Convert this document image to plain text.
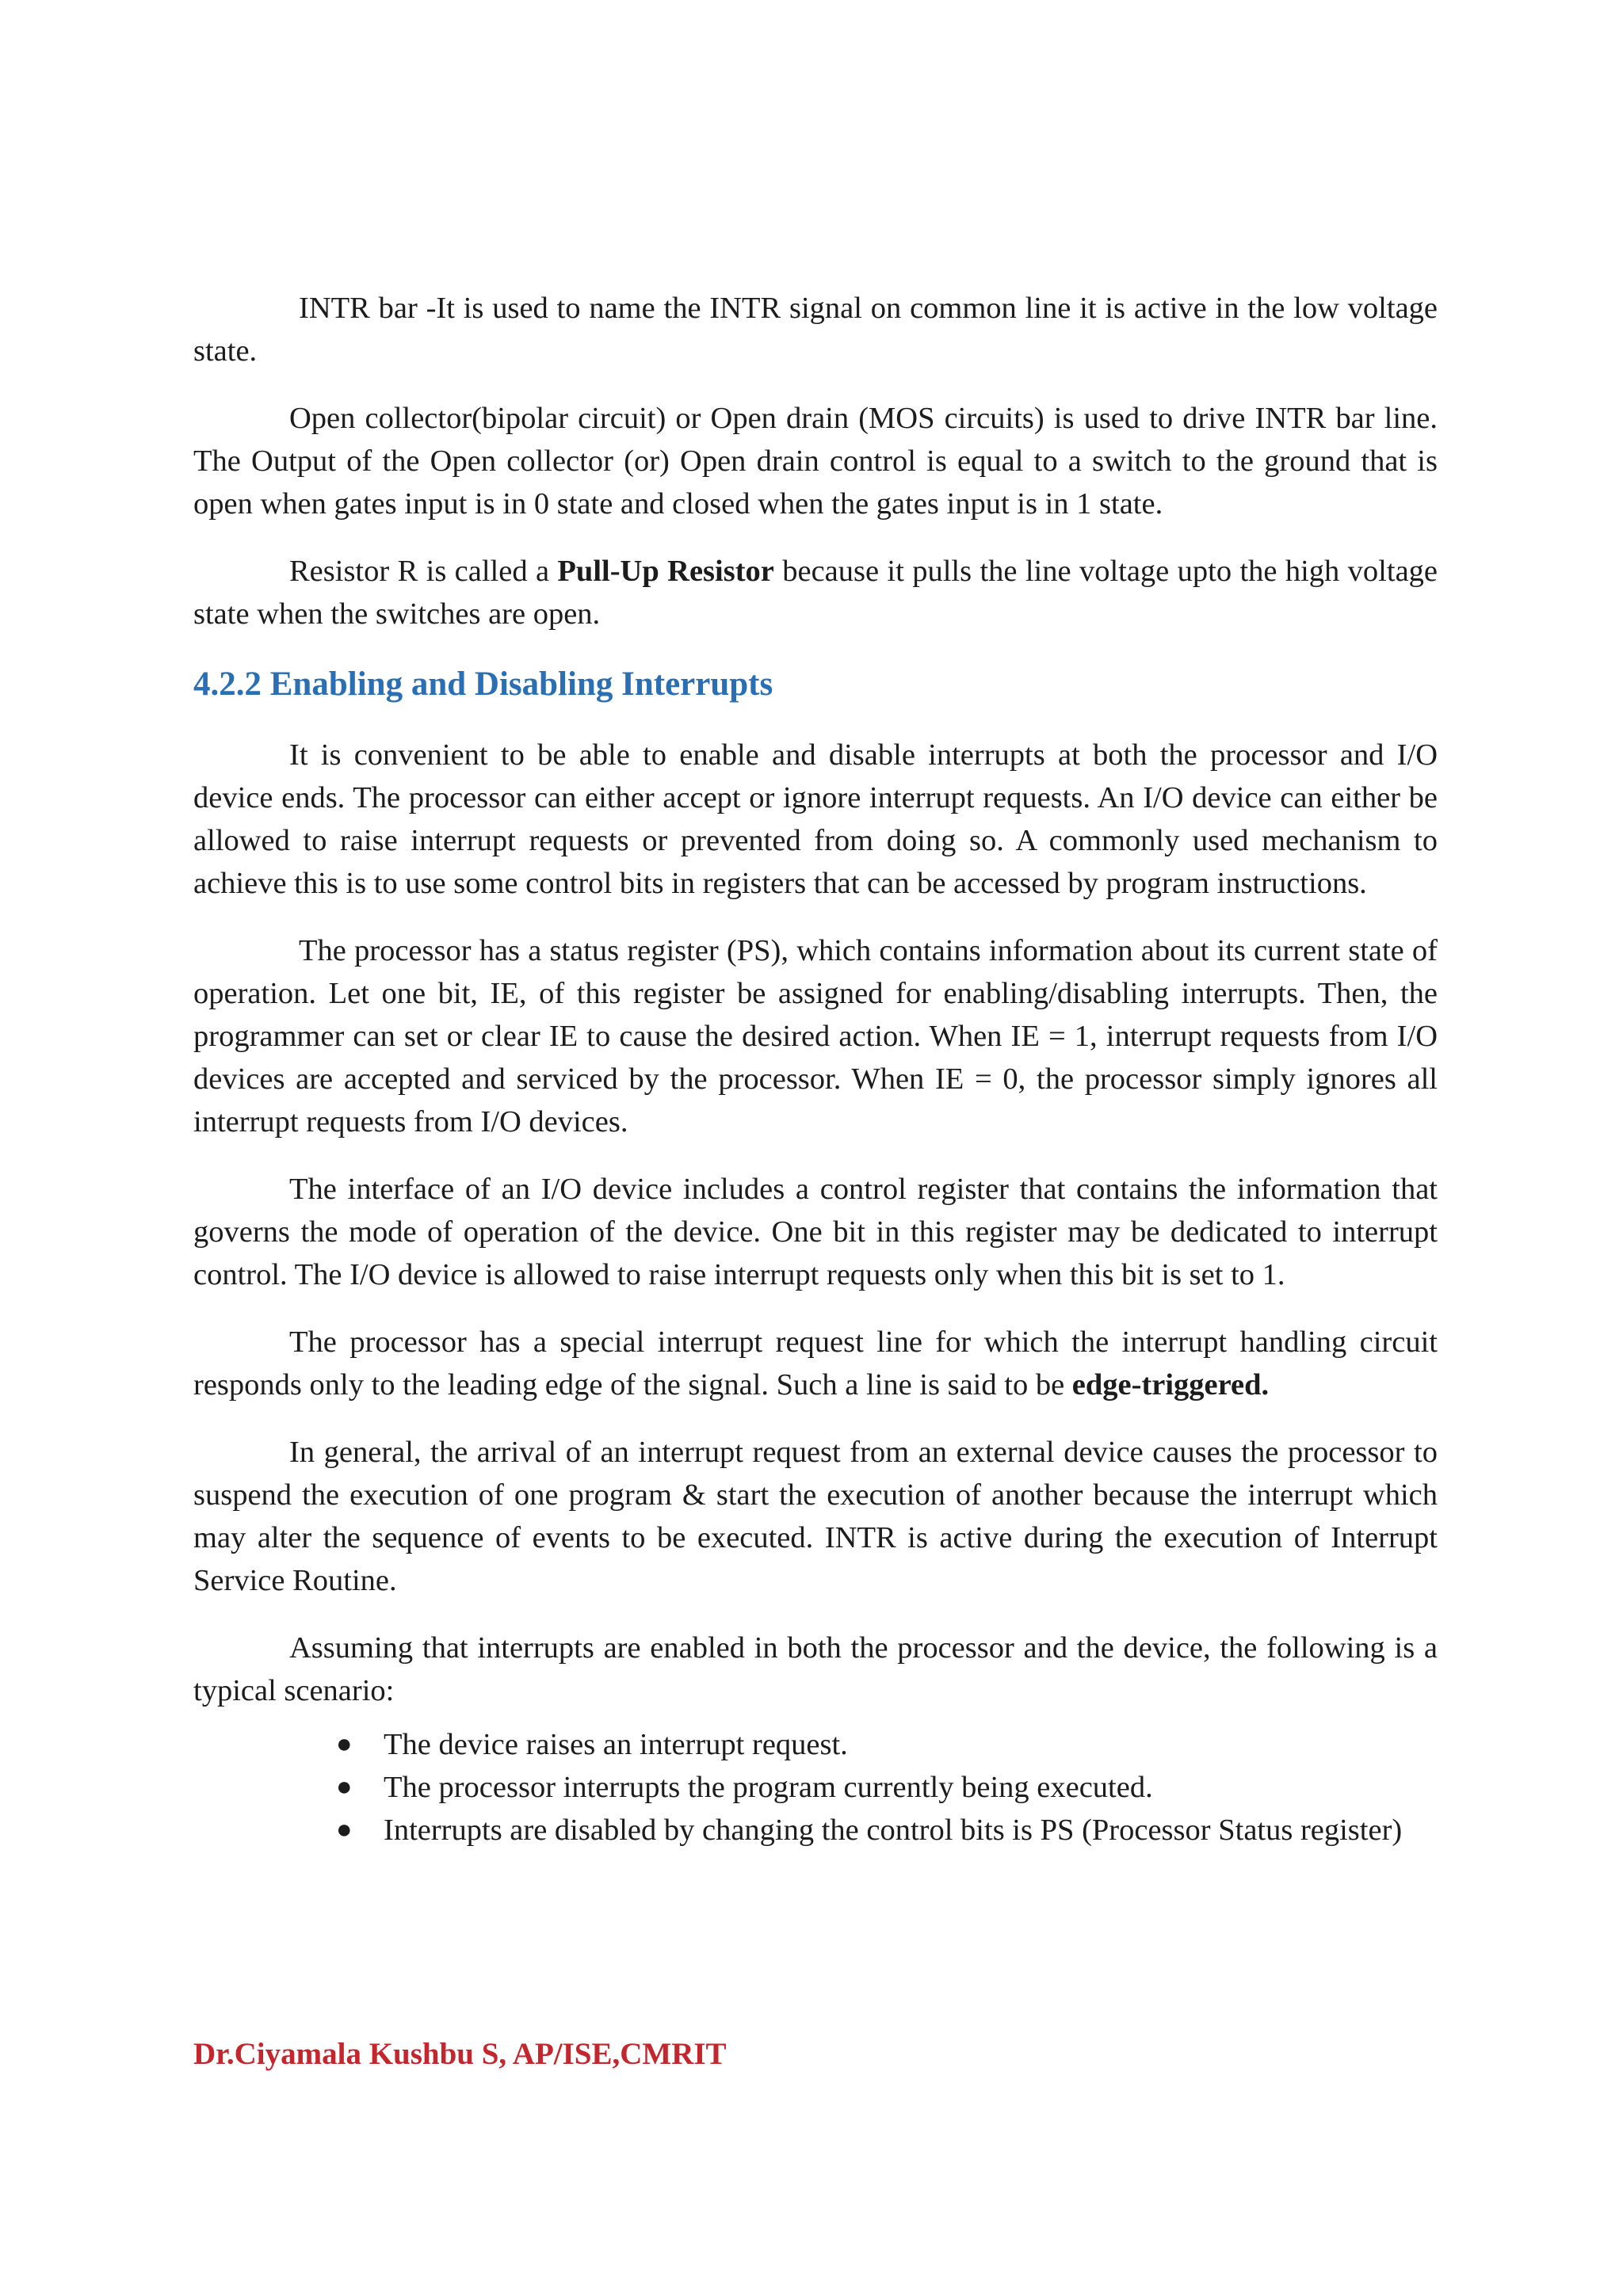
INTR bar -It is used to name the INTR signal on common line it is active in the low voltage state.

Open collector(bipolar circuit) or Open drain (MOS circuits) is used to drive INTR bar line. The Output of the Open collector (or) Open drain control is equal to a switch to the ground that is open when gates input is in 0 state and closed when the gates input is in 1 state.

Resistor R is called a Pull-Up Resistor because it pulls the line voltage upto the high voltage state when the switches are open.

4.2.2 Enabling and Disabling Interrupts

It is convenient to be able to enable and disable interrupts at both the processor and I/O device ends. The processor can either accept or ignore interrupt requests. An I/O device can either be allowed to raise interrupt requests or prevented from doing so. A commonly used mechanism to achieve this is to use some control bits in registers that can be accessed by program instructions.

The processor has a status register (PS), which contains information about its current state of operation. Let one bit, IE, of this register be assigned for enabling/disabling interrupts. Then, the programmer can set or clear IE to cause the desired action. When IE = 1, interrupt requests from I/O devices are accepted and serviced by the processor. When IE = 0, the processor simply ignores all interrupt requests from I/O devices.

The interface of an I/O device includes a control register that contains the information that governs the mode of operation of the device. One bit in this register may be dedicated to interrupt control. The I/O device is allowed to raise interrupt requests only when this bit is set to 1.

The processor has a special interrupt request line for which the interrupt handling circuit responds only to the leading edge of the signal. Such a line is said to be edge-triggered.

In general, the arrival of an interrupt request from an external device causes the processor to suspend the execution of one program & start the execution of another because the interrupt which may alter the sequence of events to be executed. INTR is active during the execution of Interrupt Service Routine.

Assuming that interrupts are enabled in both the processor and the device, the following is a typical scenario:

● The device raises an interrupt request.
● The processor interrupts the program currently being executed.
● Interrupts are disabled by changing the control bits is PS (Processor Status register)
Dr.Ciyamala Kushbu S, AP/ISE,CMRIT
